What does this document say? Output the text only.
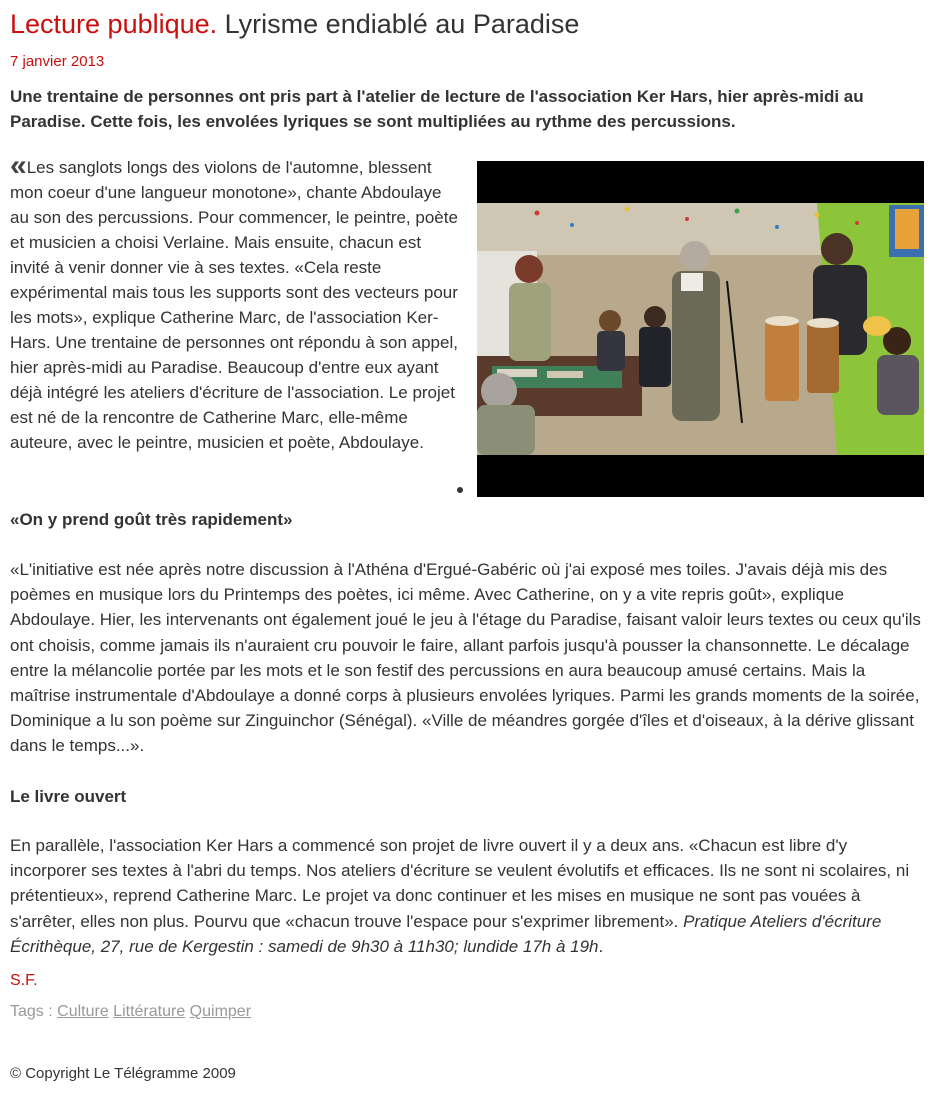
Lecture publique. Lyrisme endiablé au Paradise
7 janvier 2013
Une trentaine de personnes ont pris part à l'atelier de lecture de l'association Ker Hars, hier après-midi au Paradise. Cette fois, les envolées lyriques se sont multipliées au rythme des percussions.
«Les sanglots longs des violons de l'automne, blessent mon coeur d'une langueur monotone», chante Abdoulaye au son des percussions. Pour commencer, le peintre, poète et musicien a choisi Verlaine. Mais ensuite, chacun est invité à venir donner vie à ses textes. «Cela reste expérimental mais tous les supports sont des vecteurs pour les mots», explique Catherine Marc, de l'association Ker-Hars. Une trentaine de personnes ont répondu à son appel, hier après-midi au Paradise. Beaucoup d'entre eux ayant déjà intégré les ateliers d'écriture de l'association. Le projet est né de la rencontre de Catherine Marc, elle-même auteure, avec le peintre, musicien et poète, Abdoulaye.
«On y prend goût très rapidement»
«L'initiative est née après notre discussion à l'Athéna d'Ergué-Gabéric où j'ai exposé mes toiles. J'avais déjà mis des poèmes en musique lors du Printemps des poètes, ici même. Avec Catherine, on y a vite repris goût», explique Abdoulaye. Hier, les intervenants ont également joué le jeu à l'étage du Paradise, faisant valoir leurs textes ou ceux qu'ils ont choisis, comme jamais ils n'auraient cru pouvoir le faire, allant parfois jusqu'à pousser la chansonnette. Le décalage entre la mélancolie portée par les mots et le son festif des percussions en aura beaucoup amusé certains. Mais la maîtrise instrumentale d'Abdoulaye a donné corps à plusieurs envolées lyriques. Parmi les grands moments de la soirée, Dominique a lu son poème sur Zinguinchor (Sénégal). «Ville de méandres gorgée d'îles et d'oiseaux, à la dérive glissant dans le temps...».
Le livre ouvert
En parallèle, l'association Ker Hars a commencé son projet de livre ouvert il y a deux ans. «Chacun est libre d'y incorporer ses textes à l'abri du temps. Nos ateliers d'écriture se veulent évolutifs et efficaces. Ils ne sont ni scolaires, ni prétentieux», reprend Catherine Marc. Le projet va donc continuer et les mises en musique ne sont pas vouées à s'arrêter, elles non plus. Pourvu que «chacun trouve l'espace pour s'exprimer librement». Pratique Ateliers d'écriture Écrithèque, 27, rue de Kergestin : samedi de 9h30 à 11h30; lundide 17h à 19h.
S.F.
Tags : Culture Littérature Quimper
© Copyright Le Télégramme 2009
